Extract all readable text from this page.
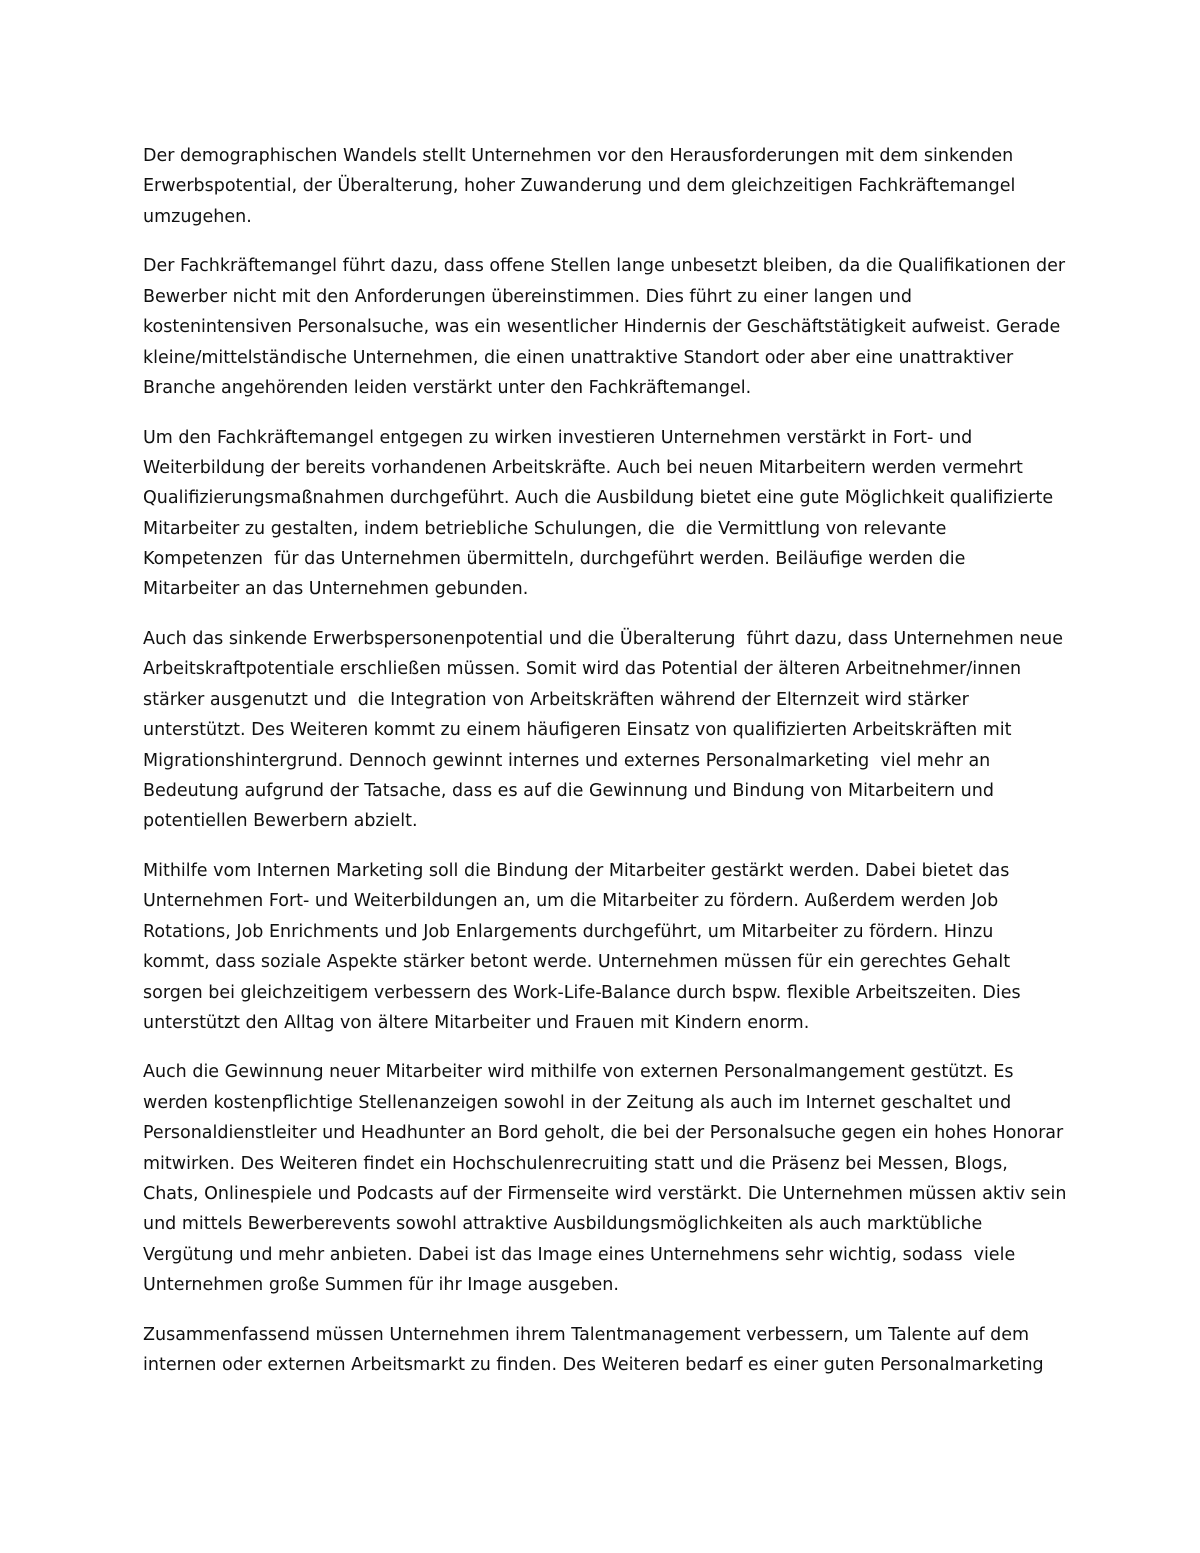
Der demographischen Wandels stellt Unternehmen vor den Herausforderungen mit dem sinkenden
Erwerbspotential, der Überalterung, hoher Zuwanderung und dem gleichzeitigen Fachkräftemangel
umzugehen.
Der Fachkräftemangel führt dazu, dass offene Stellen lange unbesetzt bleiben, da die Qualifikationen der
Bewerber nicht mit den Anforderungen übereinstimmen. Dies führt zu einer langen und
kostenintensiven Personalsuche, was ein wesentlicher Hindernis der Geschäftstätigkeit aufweist. Gerade
kleine/mittelständische Unternehmen, die einen unattraktive Standort oder aber eine unattraktiver
Branche angehörenden leiden verstärkt unter den Fachkräftemangel.
Um den Fachkräftemangel entgegen zu wirken investieren Unternehmen verstärkt in Fort- und
Weiterbildung der bereits vorhandenen Arbeitskräfte. Auch bei neuen Mitarbeitern werden vermehrt
Qualifizierungsmaßnahmen durchgeführt. Auch die Ausbildung bietet eine gute Möglichkeit qualifizierte
Mitarbeiter zu gestalten, indem betriebliche Schulungen, die  die Vermittlung von relevante
Kompetenzen  für das Unternehmen übermitteln, durchgeführt werden. Beiläufige werden die
Mitarbeiter an das Unternehmen gebunden.
Auch das sinkende Erwerbspersonenpotential und die Überalterung  führt dazu, dass Unternehmen neue
Arbeitskraftpotentiale erschließen müssen. Somit wird das Potential der älteren Arbeitnehmer/innen
stärker ausgenutzt und  die Integration von Arbeitskräften während der Elternzeit wird stärker
unterstützt. Des Weiteren kommt zu einem häufigeren Einsatz von qualifizierten Arbeitskräften mit
Migrationshintergrund. Dennoch gewinnt internes und externes Personalmarketing  viel mehr an
Bedeutung aufgrund der Tatsache, dass es auf die Gewinnung und Bindung von Mitarbeitern und
potentiellen Bewerbern abzielt.
Mithilfe vom Internen Marketing soll die Bindung der Mitarbeiter gestärkt werden. Dabei bietet das
Unternehmen Fort- und Weiterbildungen an, um die Mitarbeiter zu fördern. Außerdem werden Job
Rotations, Job Enrichments und Job Enlargements durchgeführt, um Mitarbeiter zu fördern. Hinzu
kommt, dass soziale Aspekte stärker betont werde. Unternehmen müssen für ein gerechtes Gehalt
sorgen bei gleichzeitigem verbessern des Work-Life-Balance durch bspw. flexible Arbeitszeiten. Dies
unterstützt den Alltag von ältere Mitarbeiter und Frauen mit Kindern enorm.
Auch die Gewinnung neuer Mitarbeiter wird mithilfe von externen Personalmangement gestützt. Es
werden kostenpflichtige Stellenanzeigen sowohl in der Zeitung als auch im Internet geschaltet und
Personaldienstleiter und Headhunter an Bord geholt, die bei der Personalsuche gegen ein hohes Honorar
mitwirken. Des Weiteren findet ein Hochschulenrecruiting statt und die Präsenz bei Messen, Blogs,
Chats, Onlinespiele und Podcasts auf der Firmenseite wird verstärkt. Die Unternehmen müssen aktiv sein
und mittels Bewerberevents sowohl attraktive Ausbildungsmöglichkeiten als auch marktübliche
Vergütung und mehr anbieten. Dabei ist das Image eines Unternehmens sehr wichtig, sodass  viele
Unternehmen große Summen für ihr Image ausgeben.
Zusammenfassend müssen Unternehmen ihrem Talentmanagement verbessern, um Talente auf dem
internen oder externen Arbeitsmarkt zu finden. Des Weiteren bedarf es einer guten Personalmarketing
